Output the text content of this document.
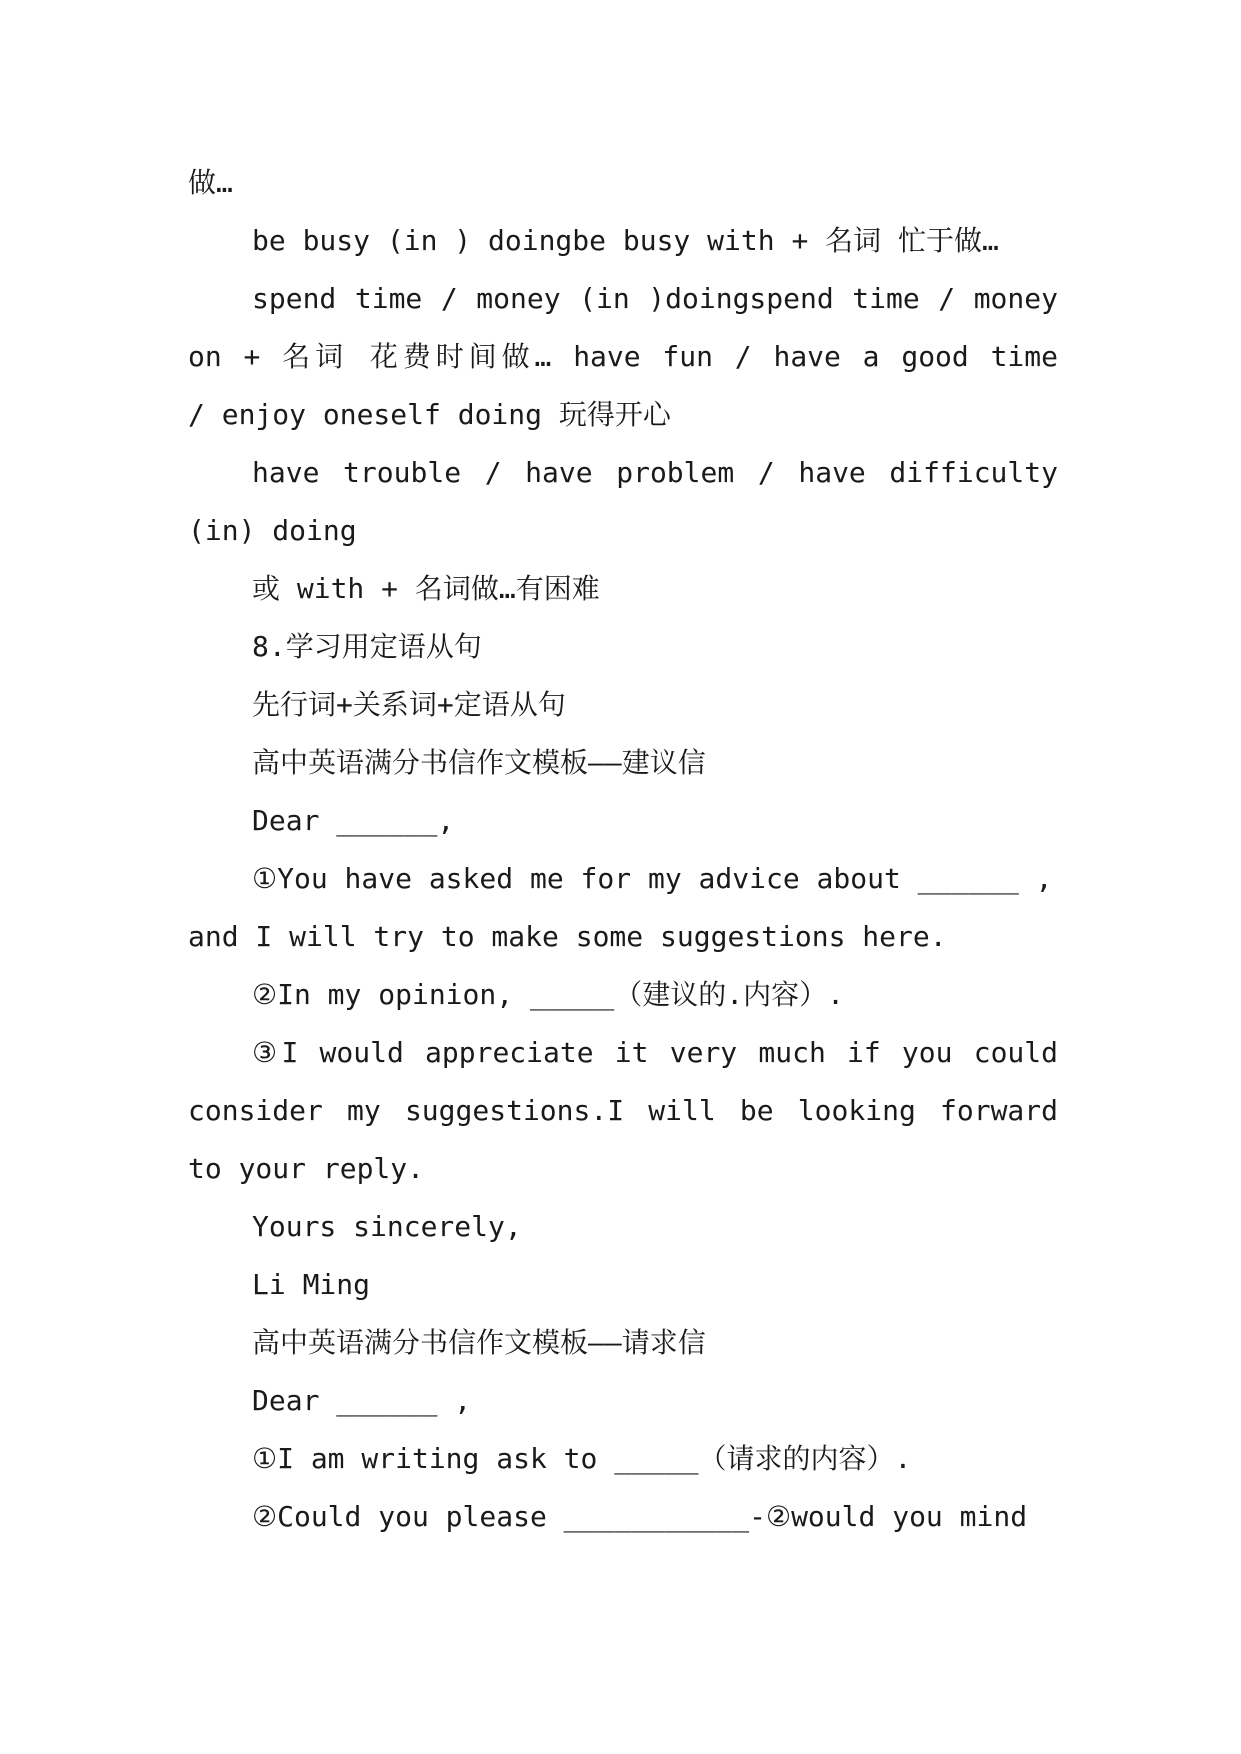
做…
be busy (in ) doingbe busy with + 名词 忙于做…
spend time / money (in )doingspend time / money
on + 名词 花费时间做… have fun / have a good time
/ enjoy oneself doing 玩得开心
have trouble / have problem / have difficulty
(in) doing
或 with + 名词做…有困难
8.学习用定语从句
先行词+关系词+定语从句
高中英语满分书信作文模板——建议信
Dear ______,
①You have asked me for my advice about ______ ,
and I will try to make some suggestions here.
②In my opinion, _____（建议的.内容）.
③I would appreciate it very much if you could
consider my suggestions.I will be looking forward
to your reply.
Yours sincerely,
Li Ming
高中英语满分书信作文模板——请求信
Dear ______ ,
①I am writing ask to _____（请求的内容）.
②Could you please ___________-②would you mind
